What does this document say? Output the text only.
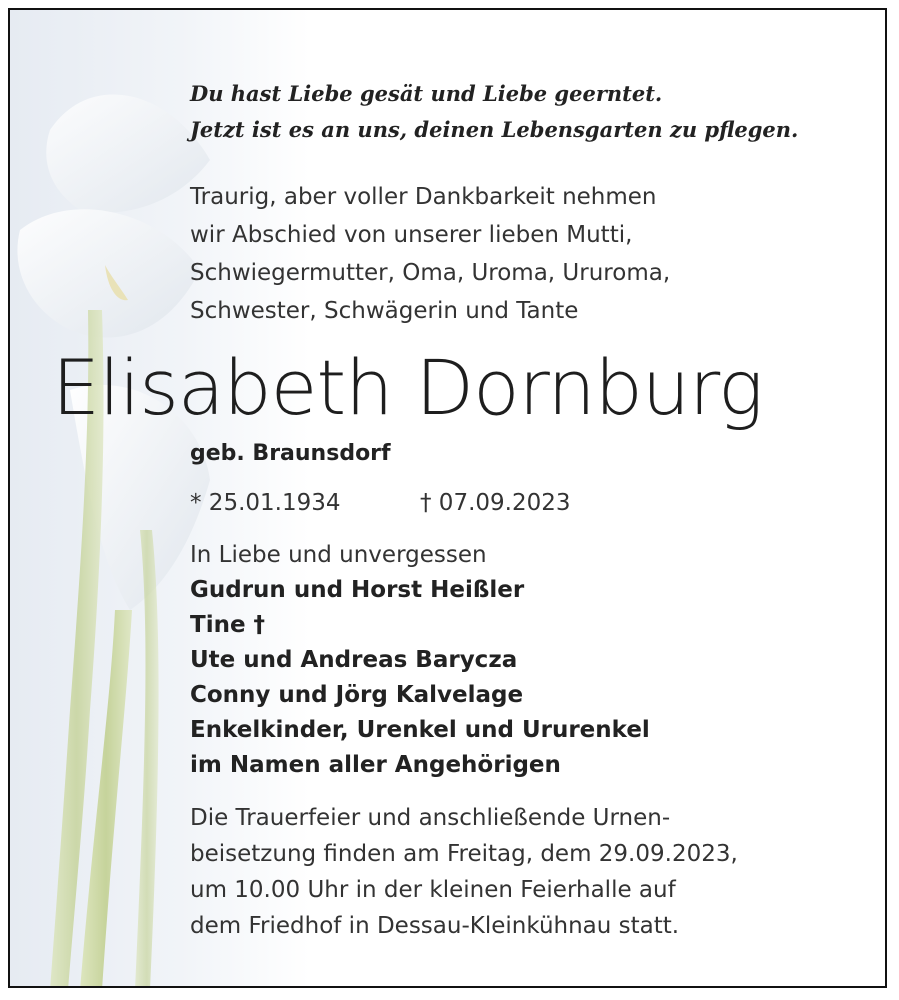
Du hast Liebe gesät und Liebe geerntet.
Jetzt ist es an uns, deinen Lebensgarten zu pflegen.
Traurig, aber voller Dankbarkeit nehmen
wir Abschied von unserer lieben Mutti,
Schwiegermutter, Oma, Uroma, Ururoma,
Schwester, Schwägerin und Tante
Elisabeth Dornburg
geb. Braunsdorf
* 25.01.1934	† 07.09.2023
In Liebe und unvergessen
Gudrun und Horst Heißler
Tine †
Ute und Andreas Barycza
Conny und Jörg Kalvelage
Enkelkinder, Urenkel und Ururenkel
im Namen aller Angehörigen
Die Trauerfeier und anschließende Urnen-
beisetzung finden am Freitag, dem 29.09.2023,
um 10.00 Uhr in der kleinen Feierhalle auf
dem Friedhof in Dessau-Kleinkühnau statt.
